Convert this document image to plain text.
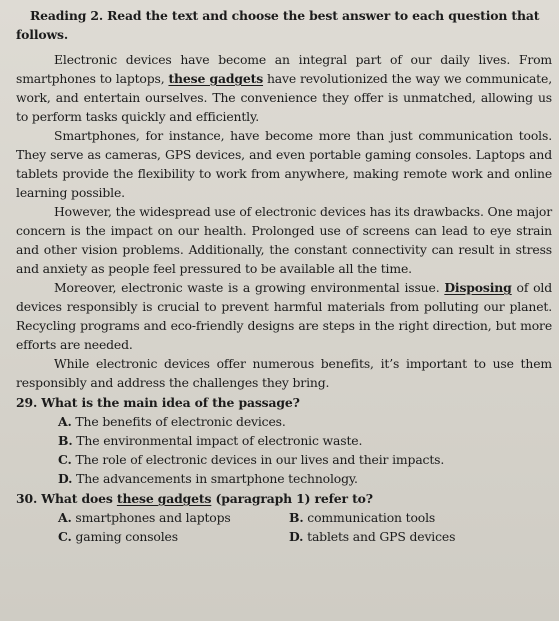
Reading 2. Read the text and choose the best answer to each question that
follows.

Electronic devices have become an integral part of our daily lives. From smartphones to laptops, these gadgets have revolutionized the way we communicate, work, and entertain ourselves. The convenience they offer is unmatched, allowing us to perform tasks quickly and efficiently.

Smartphones, for instance, have become more than just communication tools. They serve as cameras, GPS devices, and even portable gaming consoles. Laptops and tablets provide the flexibility to work from anywhere, making remote work and online learning possible.

However, the widespread use of electronic devices has its drawbacks. One major concern is the impact on our health. Prolonged use of screens can lead to eye strain and other vision problems. Additionally, the constant connectivity can result in stress and anxiety as people feel pressured to be available all the time.

Moreover, electronic waste is a growing environmental issue. Disposing of old devices responsibly is crucial to prevent harmful materials from polluting our planet. Recycling programs and eco-friendly designs are steps in the right direction, but more efforts are needed.

While electronic devices offer numerous benefits, it’s important to use them responsibly and address the challenges they bring.

29. What is the main idea of the passage?
A. The benefits of electronic devices.
B. The environmental impact of electronic waste.
C. The role of electronic devices in our lives and their impacts.
D. The advancements in smartphone technology.
30. What does these gadgets (paragraph 1) refer to?
A. smartphones and laptops	B. communication tools
C. gaming consoles	D. tablets and GPS devices
